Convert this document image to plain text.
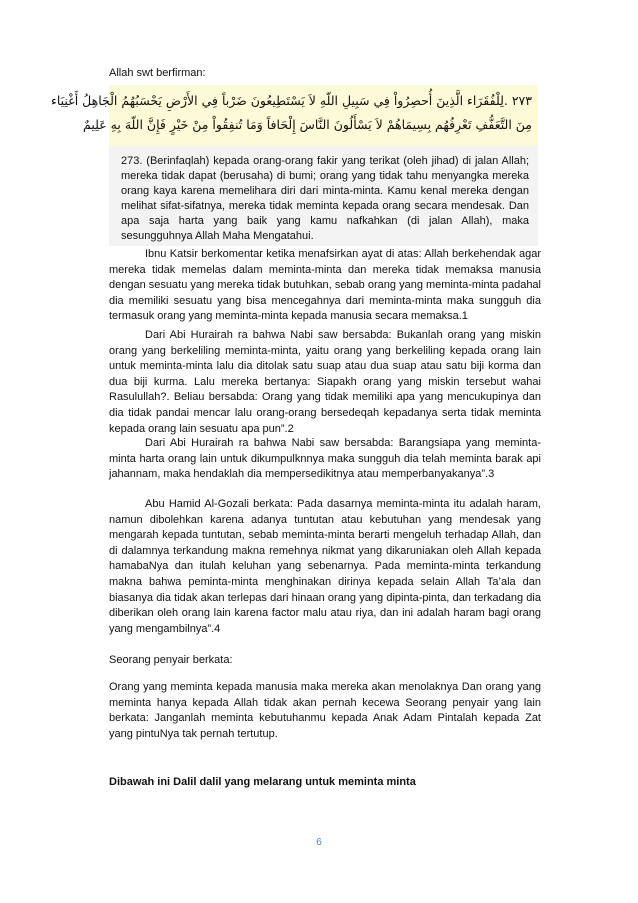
Allah swt berfirman:
٢٧٣ .لِلْفُقَرَاء الَّذِينَ أُحصِرُواْ فِي سَبِيلِ اللّهِ لاَ يَسْتَطِيعُونَ ضَرْباً فِي الأَرْضِ يَحْسَبُهُمُ الْجَاهِلُ أَغْنِيَاء
مِنَ التَّعَفُّفِ تَعْرِفُهُم بِسِيمَاهُمْ لاَ يَسْأَلُونَ النَّاسَ إِلْحَافاً وَمَا تُنفِقُواْ مِنْ خَيْرٍ فَإِنَّ اللّهَ بِهِ عَلِيمٌ
273. (Berinfaqlah) kepada orang-orang fakir yang terikat (oleh jihad) di jalan Allah; mereka tidak dapat (berusaha) di bumi; orang yang tidak tahu menyangka mereka orang kaya karena memelihara diri dari minta-minta. Kamu kenal mereka dengan melihat sifat-sifatnya, mereka tidak meminta kepada orang secara mendesak. Dan apa saja harta yang baik yang kamu nafkahkan (di jalan Allah), maka sesungguhnya Allah Maha Mengatahui.

Ibnu Katsir berkomentar ketika menafsirkan ayat di atas: Allah berkehendak agar mereka tidak memelas dalam meminta-minta dan mereka tidak memaksa manusia dengan sesuatu yang mereka tidak butuhkan, sebab orang yang meminta-minta padahal dia memiliki sesuatu yang bisa mencegahnya dari meminta-minta maka sungguh dia termasuk orang yang meminta-minta kepada manusia secara memaksa.1

Dari Abi Hurairah ra bahwa Nabi saw bersabda: Bukanlah orang yang miskin orang yang berkeliling meminta-minta, yaitu orang yang berkeliling kepada orang lain untuk meminta-minta lalu dia ditolak satu suap atau dua suap atau satu biji korma dan dua biji kurma. Lalu mereka bertanya: Siapakh orang yang miskin tersebut wahai Rasulullah?. Beliau bersabda: Orang yang tidak memiliki apa yang mencukupinya dan dia tidak pandai mencar lalu orang-orang bersedeqah kepadanya serta tidak meminta kepada orang lain sesuatu apa pun”.2

Dari Abi Hurairah ra bahwa Nabi saw bersabda: Barangsiapa yang meminta-minta harta orang lain untuk dikumpulknnya maka sungguh dia telah meminta barak api jahannam, maka hendaklah dia mempersedikitnya atau memperbanyakanya”.3

Abu Hamid Al-Gozali berkata: Pada dasarnya meminta-minta itu adalah haram, namun dibolehkan karena adanya tuntutan atau kebutuhan yang mendesak yang mengarah kepada tuntutan, sebab meminta-minta berarti mengeluh terhadap Allah, dan di dalamnya terkandung makna remehnya nikmat yang dikaruniakan oleh Allah kepada hamabaNya dan itulah keluhan yang sebenarnya. Pada meminta-minta terkandung makna bahwa peminta-minta menghinakan dirinya kepada selain Allah Ta’ala dan biasanya dia tidak akan terlepas dari hinaan orang yang dipinta-pinta, dan terkadang dia diberikan oleh orang lain karena factor malu atau riya, dan ini adalah haram bagi orang yang mengambilnya”.4

Seorang penyair berkata:

Orang yang meminta kepada manusia maka mereka akan menolaknya Dan orang yang meminta hanya kepada Allah tidak akan pernah kecewa Seorang penyair yang lain berkata: Janganlah meminta kebutuhanmu kepada Anak Adam Pintalah kepada Zat yang pintuNya tak pernah tertutup.

Dibawah ini Dalil dalil yang melarang untuk meminta minta
6
